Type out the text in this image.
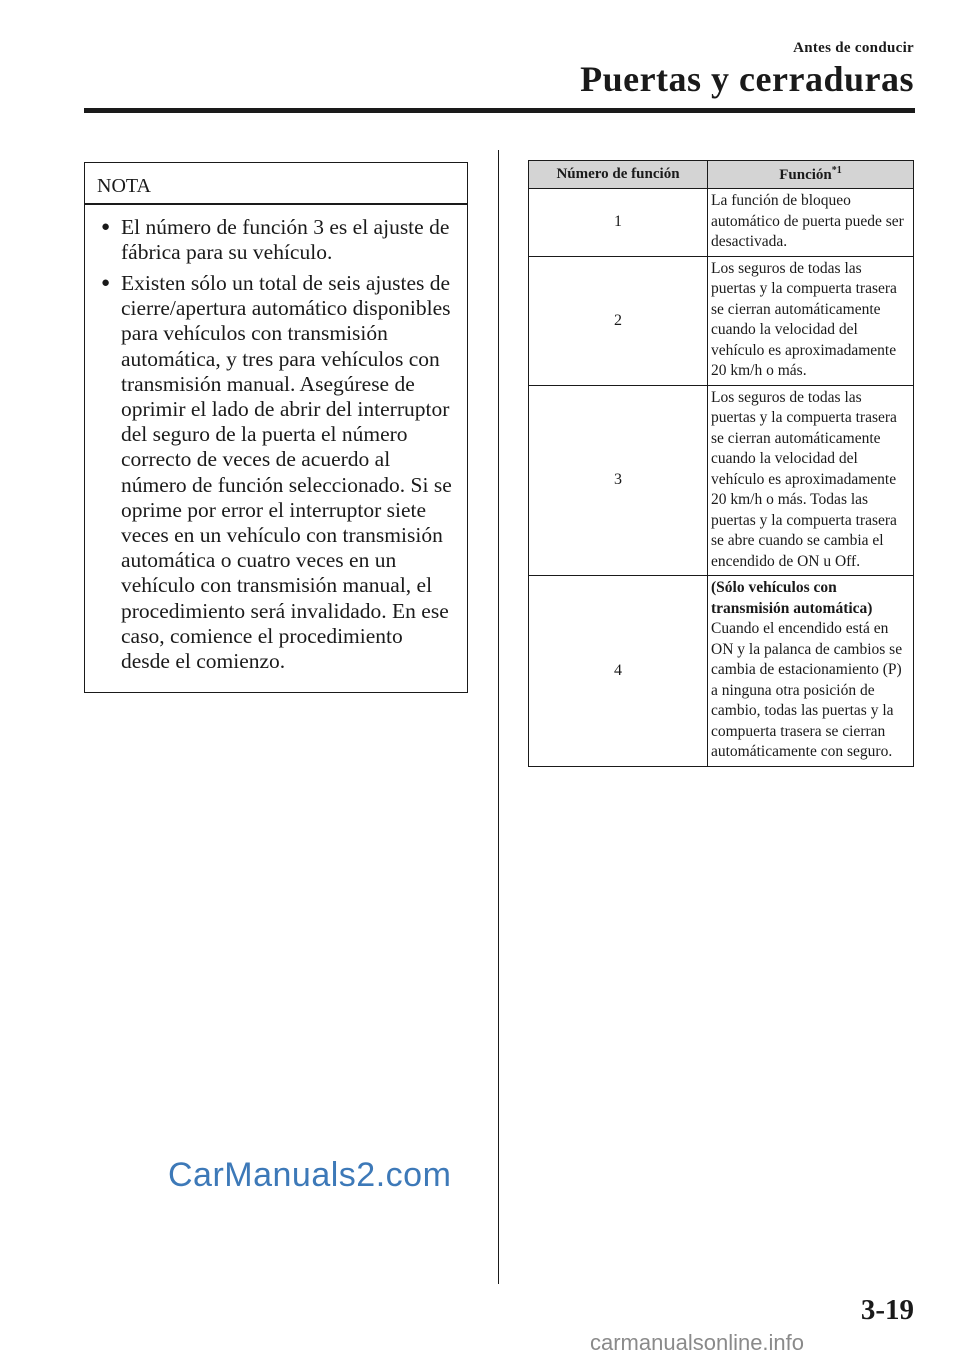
Antes de conducir
Puertas y cerraduras
NOTA
● El número de función 3 es el ajuste de fábrica para su vehículo.
● Existen sólo un total de seis ajustes de cierre/apertura automático disponibles para vehículos con transmisión automática, y tres para vehículos con transmisión manual. Asegúrese de oprimir el lado de abrir del interruptor del seguro de la puerta el número correcto de veces de acuerdo al número de función seleccionado. Si se oprime por error el interruptor siete veces en un vehículo con transmisión automática o cuatro veces en un vehículo con transmisión manual, el procedimiento será invalidado. En ese caso, comience el procedimiento desde el comienzo.
Número de función	Función$^{*1}$
1	La función de bloqueo automático de puerta puede ser desactivada.
2	Los seguros de todas las puertas y la compuerta trasera se cierran automáticamente cuando la velocidad del vehículo es aproximadamente 20 km/h o más.
3	Los seguros de todas las puertas y la compuerta trasera se cierran automáticamente cuando la velocidad del vehículo es aproximadamente 20 km/h o más. Todas las puertas y la compuerta trasera se abre cuando se cambia el encendido de ON u Off.
4	(Sólo vehículos con transmisión automática)
Cuando el encendido está en ON y la palanca de cambios se cambia de estacionamiento (P) a ninguna otra posición de cambio, todas las puertas y la compuerta trasera se cierran automáticamente con seguro.
CarManuals2.com
3-19
carmanualsonline.info
